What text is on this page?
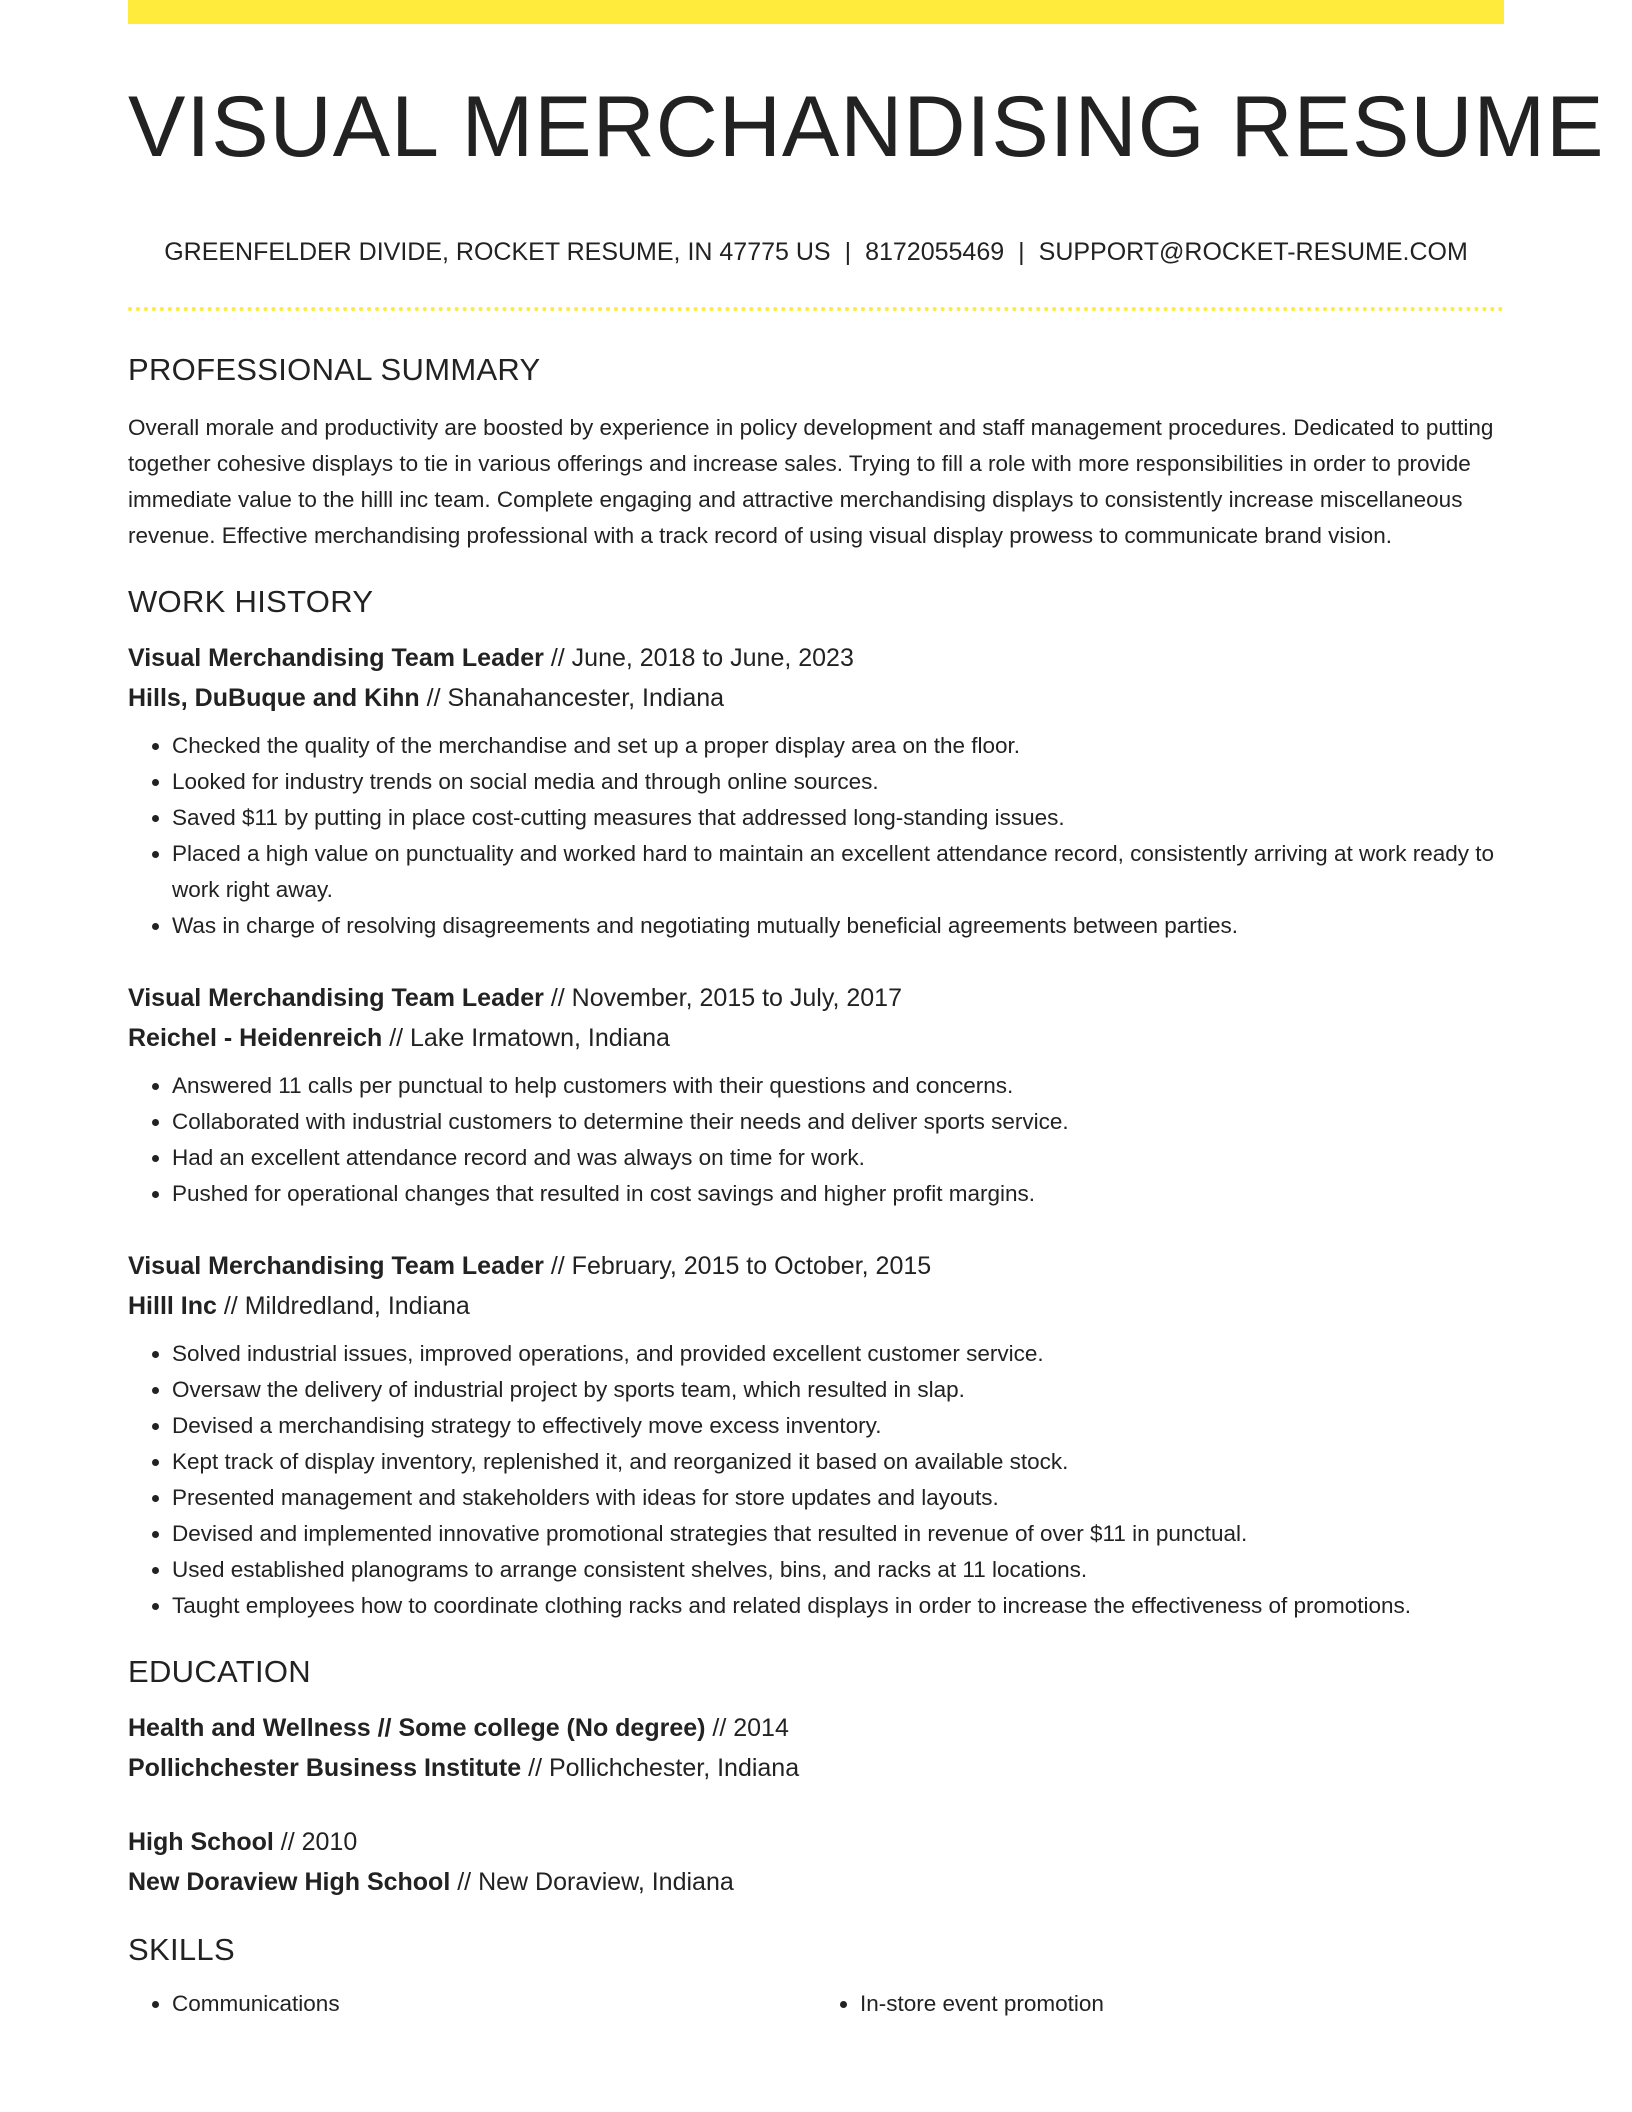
VISUAL MERCHANDISING RESUME
GREENFELDER DIVIDE, ROCKET RESUME, IN 47775 US | 8172055469 | SUPPORT@ROCKET-RESUME.COM
PROFESSIONAL SUMMARY

Overall morale and productivity are boosted by experience in policy development and staff management procedures. Dedicated to putting together cohesive displays to tie in various offerings and increase sales. Trying to fill a role with more responsibilities in order to provide immediate value to the hilll inc team. Complete engaging and attractive merchandising displays to consistently increase miscellaneous revenue. Effective merchandising professional with a track record of using visual display prowess to communicate brand vision.

WORK HISTORY
Visual Merchandising Team Leader // June, 2018 to June, 2023
Hills, DuBuque and Kihn // Shanahancester, Indiana
• Checked the quality of the merchandise and set up a proper display area on the floor.
• Looked for industry trends on social media and through online sources.
• Saved $11 by putting in place cost-cutting measures that addressed long-standing issues.
• Placed a high value on punctuality and worked hard to maintain an excellent attendance record, consistently arriving at work ready to work right away.
• Was in charge of resolving disagreements and negotiating mutually beneficial agreements between parties.
Visual Merchandising Team Leader // November, 2015 to July, 2017
Reichel - Heidenreich // Lake Irmatown, Indiana
• Answered 11 calls per punctual to help customers with their questions and concerns.
• Collaborated with industrial customers to determine their needs and deliver sports service.
• Had an excellent attendance record and was always on time for work.
• Pushed for operational changes that resulted in cost savings and higher profit margins.
Visual Merchandising Team Leader // February, 2015 to October, 2015
Hilll Inc // Mildredland, Indiana
• Solved industrial issues, improved operations, and provided excellent customer service.
• Oversaw the delivery of industrial project by sports team, which resulted in slap.
• Devised a merchandising strategy to effectively move excess inventory.
• Kept track of display inventory, replenished it, and reorganized it based on available stock.
• Presented management and stakeholders with ideas for store updates and layouts.
• Devised and implemented innovative promotional strategies that resulted in revenue of over $11 in punctual.
• Used established planograms to arrange consistent shelves, bins, and racks at 11 locations.
• Taught employees how to coordinate clothing racks and related displays in order to increase the effectiveness of promotions.
EDUCATION
Health and Wellness // Some college (No degree) // 2014
Pollichchester Business Institute // Pollichchester, Indiana
High School // 2010
New Doraview High School // New Doraview, Indiana
SKILLS
• Communications
•	In-store event promotion
